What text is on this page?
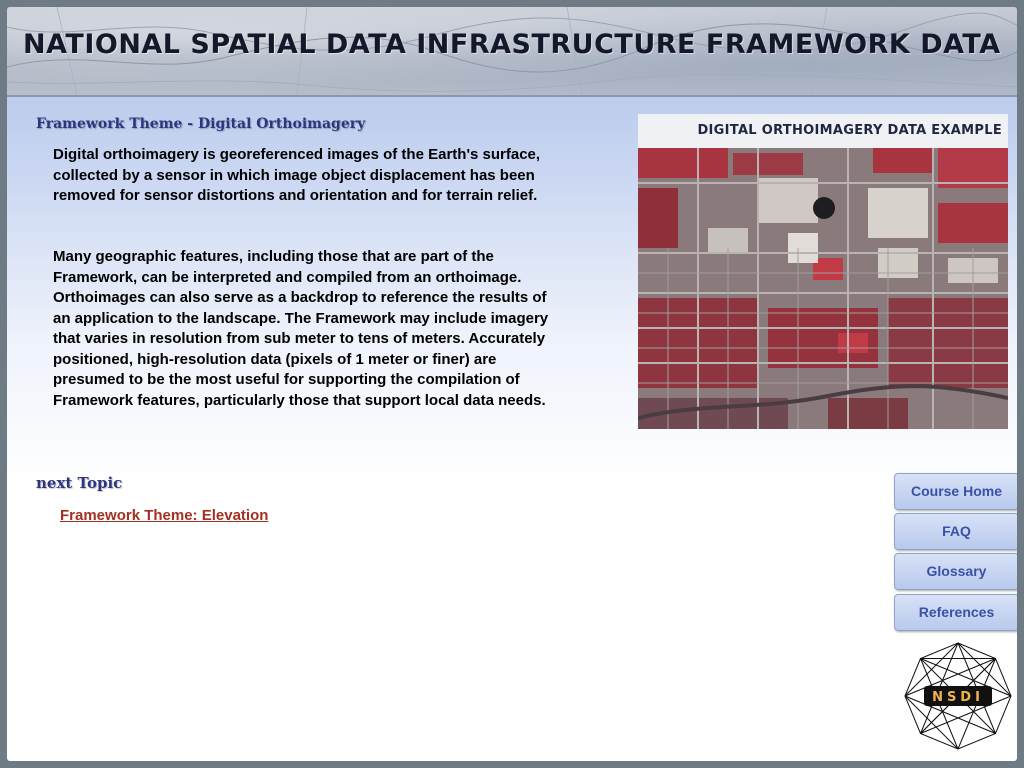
NATIONAL SPATIAL DATA INFRASTRUCTURE FRAMEWORK DATA
Framework Theme - Digital Orthoimagery

Digital orthoimagery is georeferenced images of the Earth's surface, collected by a sensor in which image object displacement has been removed for sensor distortions and orientation and for terrain relief.

Many geographic features, including those that are part of the Framework, can be interpreted and compiled from an orthoimage. Orthoimages can also serve as a backdrop to reference the results of an application to the landscape. The Framework may include imagery that varies in resolution from sub meter to tens of meters. Accurately positioned, high-resolution data (pixels of 1 meter or finer) are presumed to be the most useful for supporting the compilation of Framework features, particularly those that support local data needs.

next Topic
Framework Theme: Elevation
DIGITAL ORTHOIMAGERY DATA EXAMPLE
Course Home
FAQ
Glossary
References
NSDI
